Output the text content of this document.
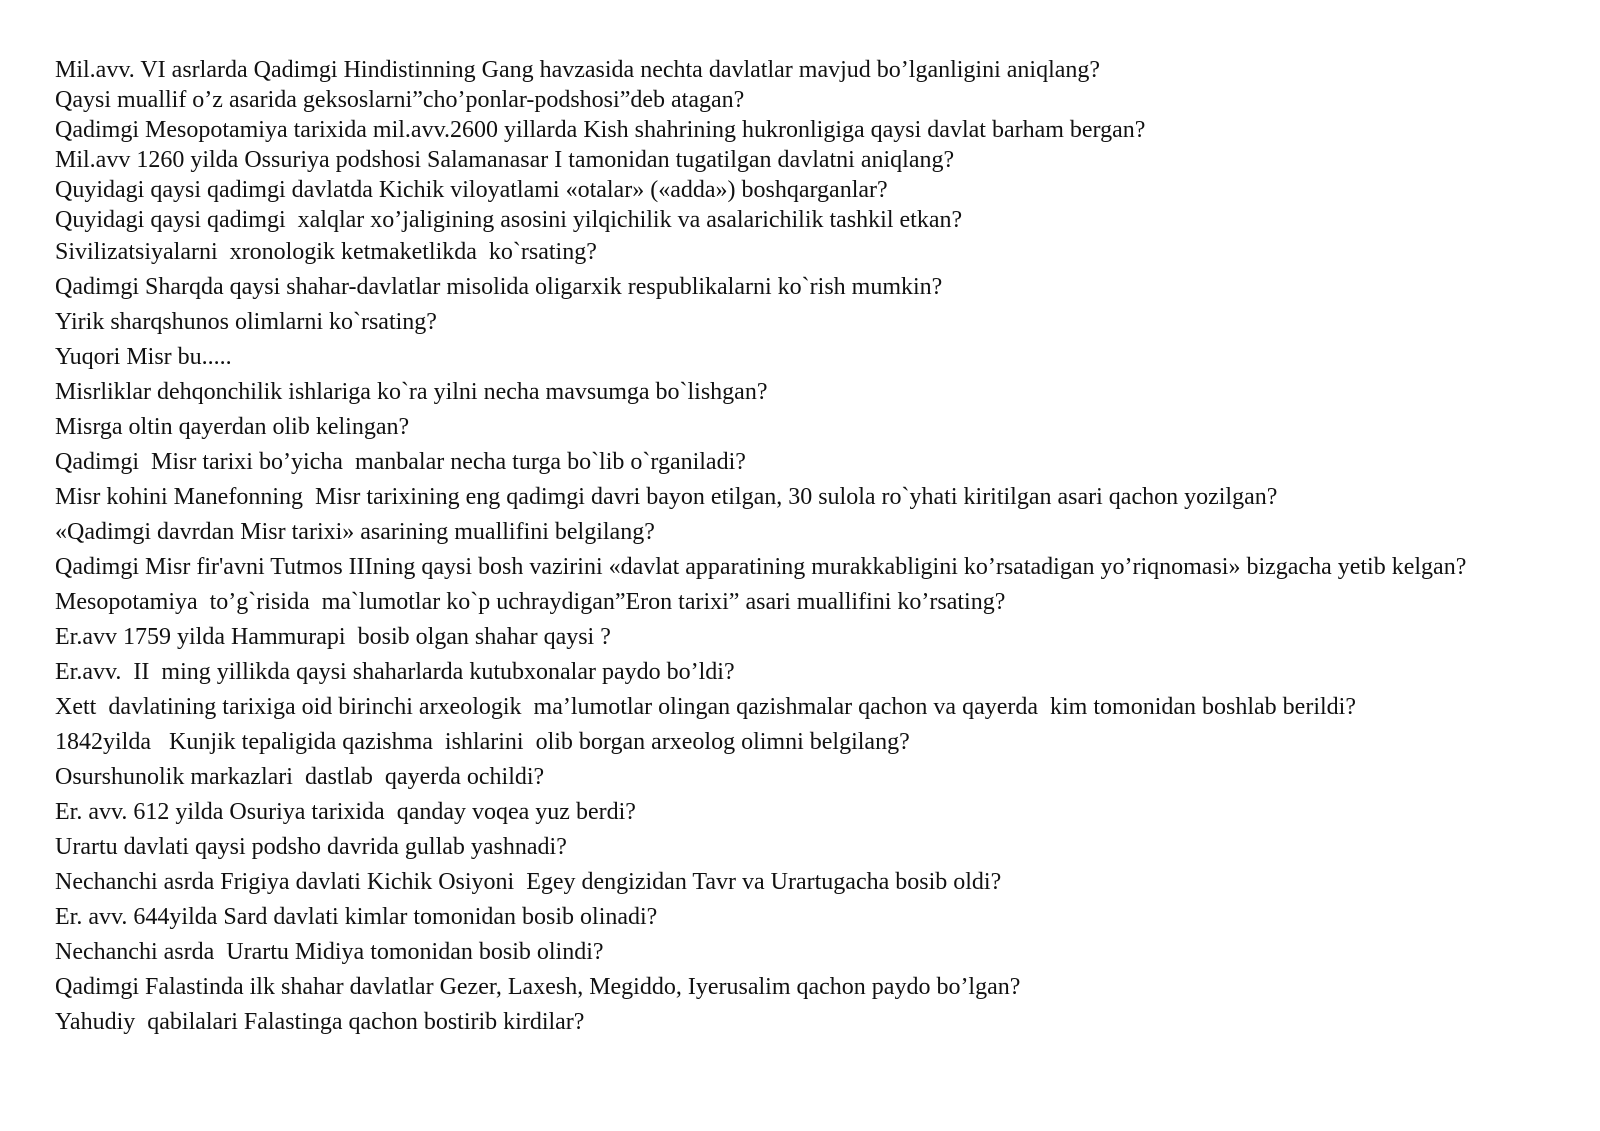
Mil.avv. VI asrlarda Qadimgi Hindistinning Gang havzasida nechta davlatlar mavjud bo’lganligini aniqlang?
Qaysi muallif o’z asarida geksoslarni”cho’ponlar-podshosi”deb atagan?
Qadimgi Mesopotamiya tarixida mil.avv.2600 yillarda Kish shahrining hukronligiga qaysi davlat barham bergan?
Mil.avv 1260 yilda Ossuriya podshosi Salamanasar I tamonidan tugatilgan davlatni aniqlang?
Quyidagi qaysi qadimgi davlatda Kichik viloyatlami «otalar» («adda») boshqarganlar?
Quyidagi qaysi qadimgi  xalqlar xo’jaligining asosini yilqichilik va asalarichilik tashkil etkan?
Sivilizatsiyalarni  xronologik ketmaketlikda  ko`rsating?
Qadimgi Sharqda qaysi shahar-davlatlar misolida oligarxik respublikalarni ko`rish mumkin?
Yirik sharqshunos olimlarni ko`rsating?
Yuqori Misr bu.....
Misrliklar dehqonchilik ishlariga ko`ra yilni necha mavsumga bo`lishgan?
Misrga oltin qayerdan olib kelingan?
Qadimgi  Misr tarixi bo’yicha  manbalar necha turga bo`lib o`rganiladi?
Misr kohini Manefonning  Misr tarixining eng qadimgi davri bayon etilgan, 30 sulola ro`yhati kiritilgan asari qachon yozilgan?
«Qadimgi davrdan Misr tarixi» asarining muallifini belgilang?
Qadimgi Misr fir'avni Tutmos IIIning qaysi bosh vazirini «davlat apparatining murakkabligini ko’rsatadigan yo’riqnomasi» bizgacha yetib kelgan?
Mesopotamiya  to’g`risida  ma`lumotlar ko`p uchraydigan”Eron tarixi” asari muallifini ko’rsating?
Er.avv 1759 yilda Hammurapi  bosib olgan shahar qaysi ?
Er.avv.  II  ming yillikda qaysi shaharlarda kutubxonalar paydo bo’ldi?
Xett  davlatining tarixiga oid birinchi arxeologik  ma’lumotlar olingan qazishmalar qachon va qayerda  kim tomonidan boshlab berildi?
1842yilda   Kunjik tepaligida qazishma  ishlarini  olib borgan arxeolog olimni belgilang?
Osurshunolik markazlari  dastlab  qayerda ochildi?
Er. avv. 612 yilda Osuriya tarixida  qanday voqea yuz berdi?
Urartu davlati qaysi podsho davrida gullab yashnadi?
Nechanchi asrda Frigiya davlati Kichik Osiyoni  Egey dengizidan Tavr va Urartugacha bosib oldi?
Er. avv. 644yilda Sard davlati kimlar tomonidan bosib olinadi?
Nechanchi asrda  Urartu Midiya tomonidan bosib olindi?
Qadimgi Falastinda ilk shahar davlatlar Gezer, Laxesh, Megiddo, Iyerusalim qachon paydo bo’lgan?
Yahudiy  qabilalari Falastinga qachon bostirib kirdilar?
